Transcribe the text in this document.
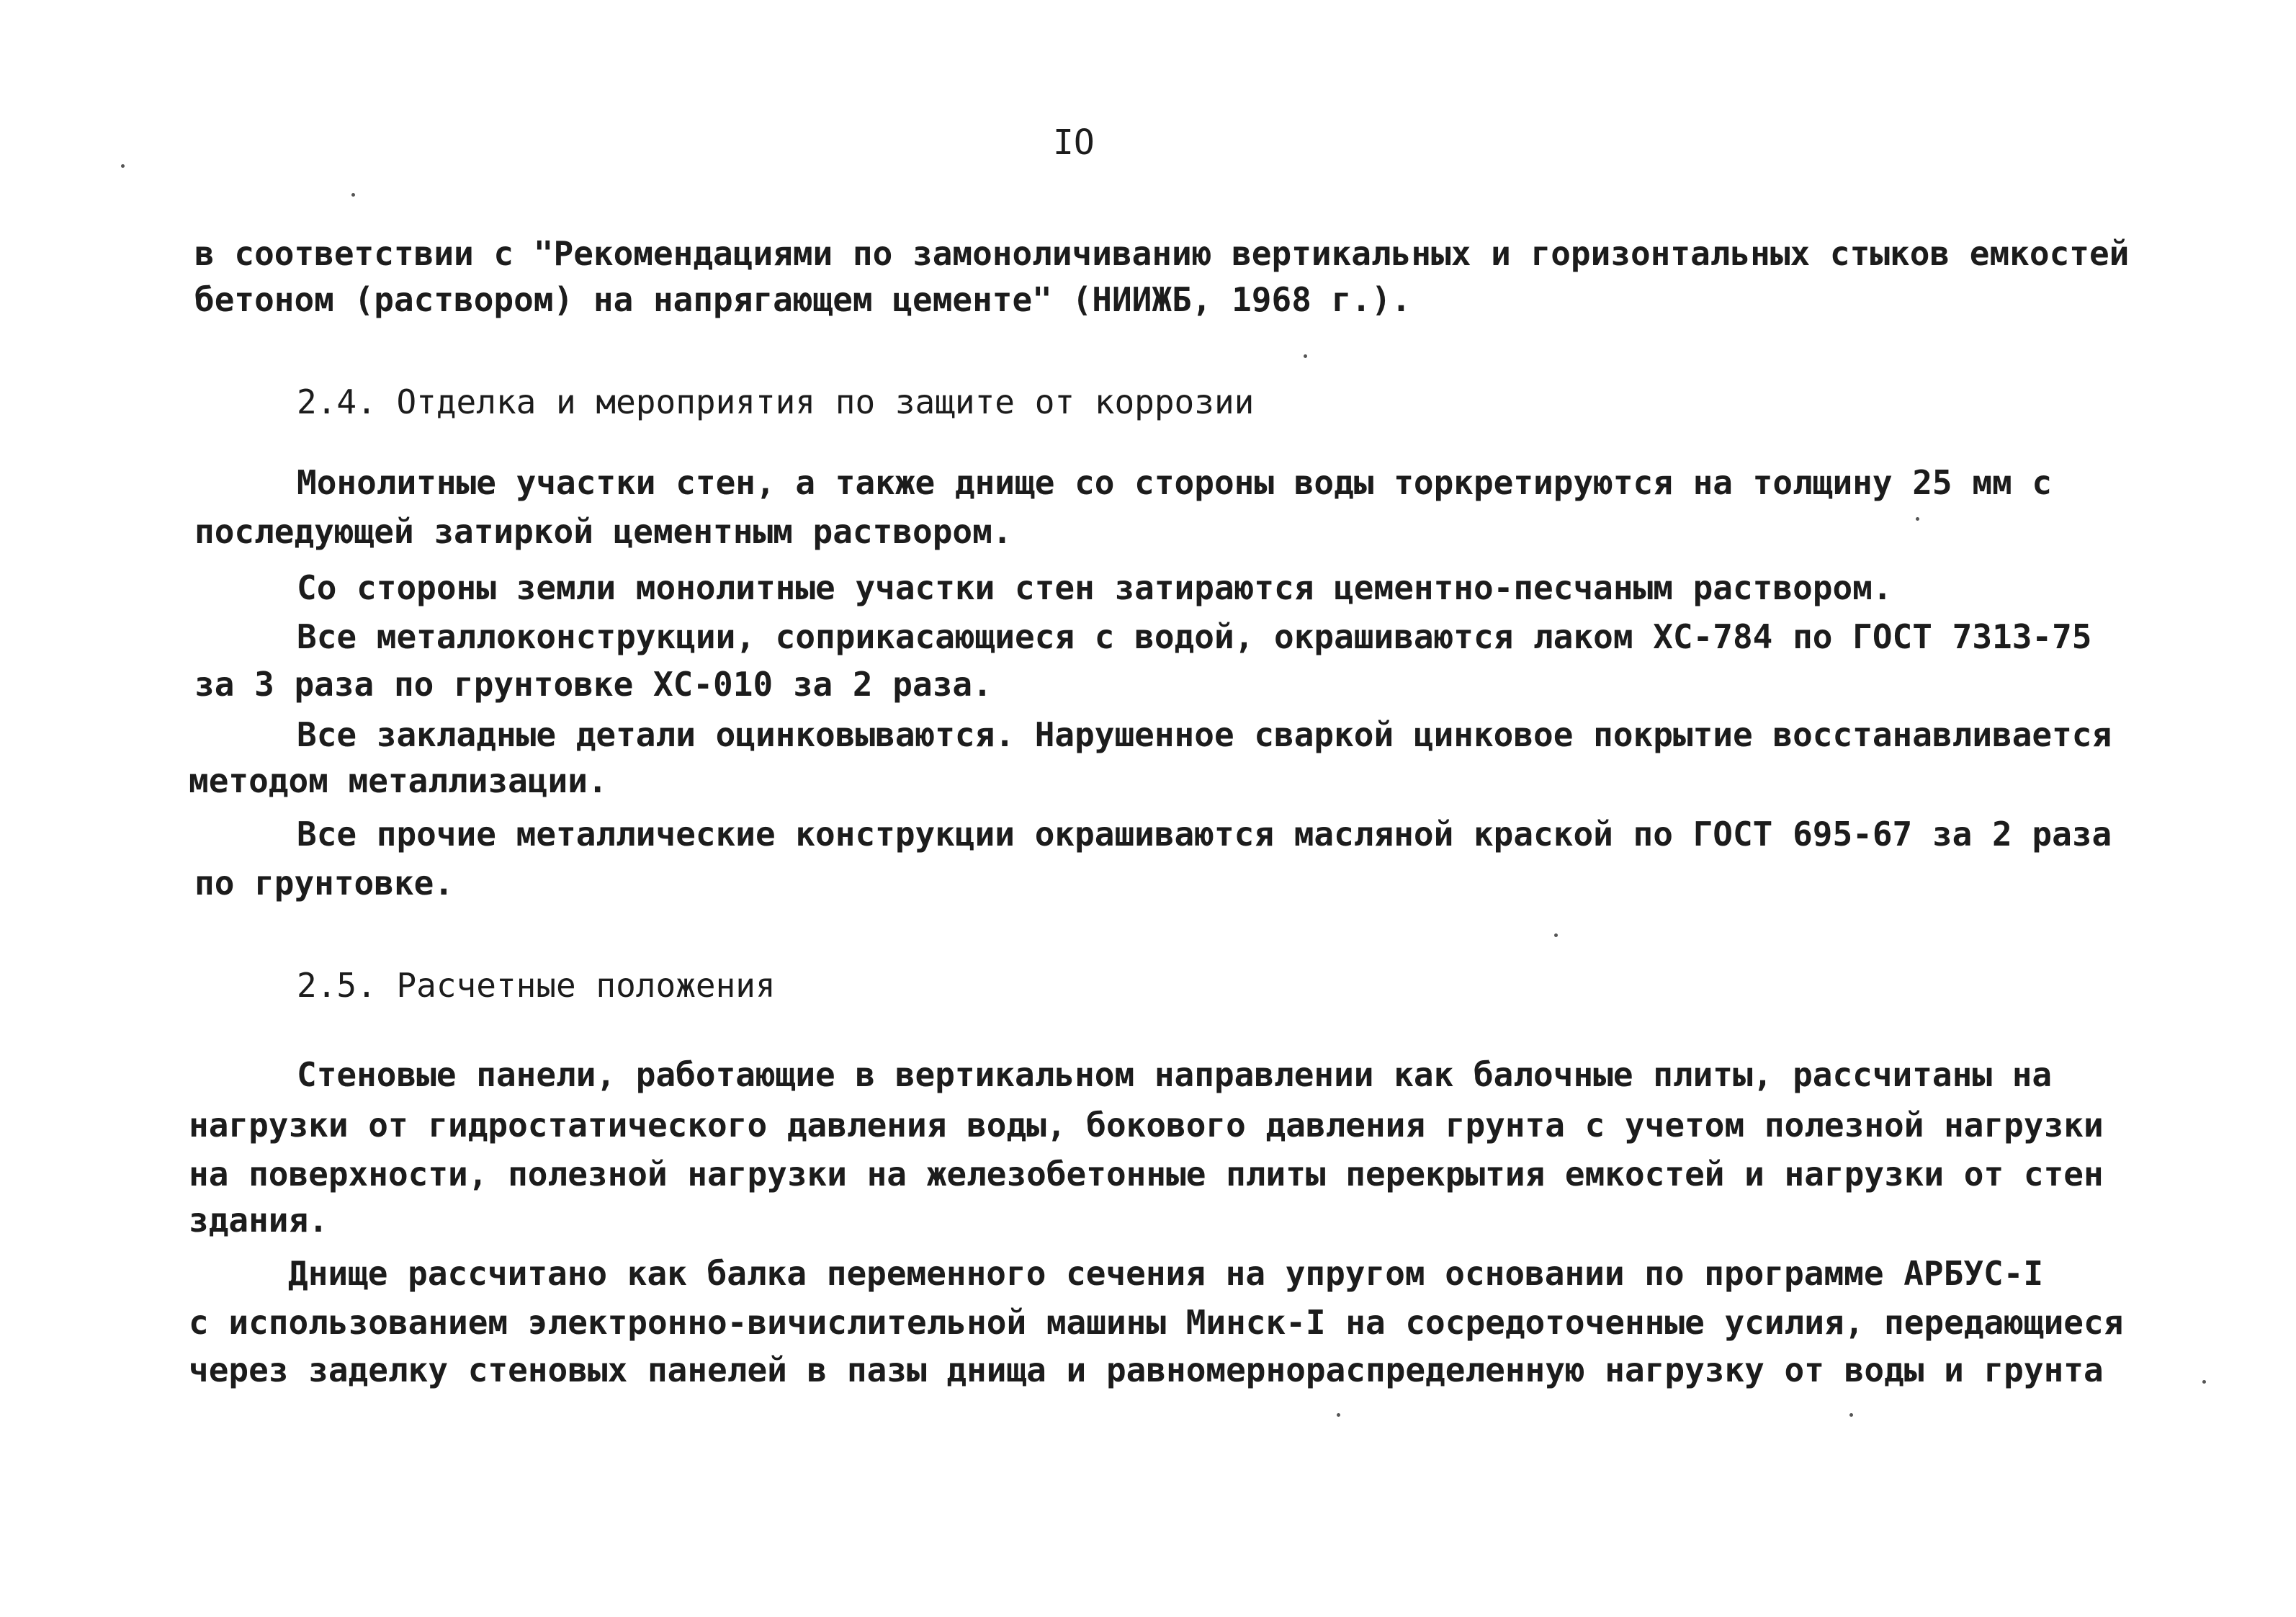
IO
в соответствии с "Рекомендациями по замоноличиванию вертикальных и горизонтальных стыков емкостей
бетоном (раствором) на напрягающем цементе" (НИИЖБ, 1968 г.).
2.4. Отделка и мероприятия по защите от коррозии
Монолитные участки стен, а также днище со стороны воды торкретируются на толщину 25 мм с
последующей затиркой цементным раствором.
Со стороны земли монолитные участки стен затираются цементно-песчаным раствором.
Все металлоконструкции, соприкасающиеся с водой, окрашиваются лаком ХС-784 по ГОСТ 7313-75
за 3 раза по грунтовке ХС-010 за 2 раза.
Все закладные детали оцинковываются. Нарушенное сваркой цинковое покрытие восстанавливается
методом металлизации.
Все прочие металлические конструкции окрашиваются масляной краской по ГОСТ 695-67 за 2 раза
по грунтовке.
2.5. Расчетные положения
Стеновые панели, работающие в вертикальном направлении как балочные плиты, рассчитаны на
нагрузки от гидростатического давления воды, бокового давления грунта с учетом полезной нагрузки
на поверхности, полезной нагрузки на железобетонные плиты перекрытия емкостей и нагрузки от стен
здания.
Днище рассчитано как балка переменного сечения на упругом основании по программе АРБУС-I
с использованием электронно-вичислительной машины Минск-I на сосредоточенные усилия, передающиеся
через заделку стеновых панелей в пазы днища и равномернораспределенную нагрузку от воды и грунта
